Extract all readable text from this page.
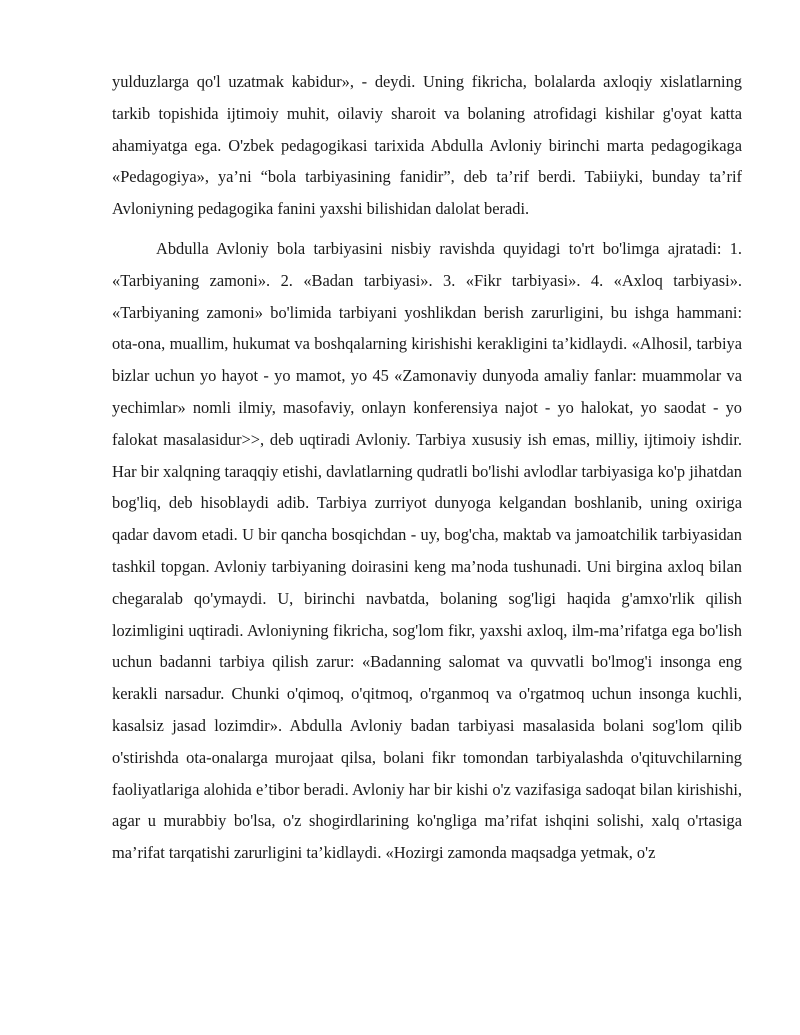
yulduzlarga qo'l uzatmak kabidur», - deydi. Uning fikricha, bolalarda axloqiy xislatlarning tarkib topishida ijtimoiy muhit, oilaviy sharoit va bolaning atrofidagi kishilar g'oyat katta ahamiyatga ega. O'zbek pedagogikasi tarixida Abdulla Avloniy birinchi marta pedagogikaga «Pedagogiya», ya’ni “bola tarbiyasining fanidir”, deb ta’rif berdi. Tabiiyki, bunday ta’rif Avloniyning pedagogika fanini yaxshi bilishidan dalolat beradi.

Abdulla Avloniy bola tarbiyasini nisbiy ravishda quyidagi to'rt bo'limga ajratadi: 1. «Tarbiyaning zamoni». 2. «Badan tarbiyasi». 3. «Fikr tarbiyasi». 4. «Axloq tarbiyasi». «Tarbiyaning zamoni» bo'limida tarbiyani yoshlikdan berish zarurligini, bu ishga hammani: ota-ona, muallim, hukumat va boshqalarning kirishishi kerakligini ta’kidlaydi. «Alhosil, tarbiya bizlar uchun yo hayot - yo mamot, yo 45 «Zamonaviy dunyoda amaliy fanlar: muammolar va yechimlar» nomli ilmiy, masofaviy, onlayn konferensiya najot - yo halokat, yo saodat - yo falokat masalasidur>>, deb uqtiradi Avloniy. Tarbiya xususiy ish emas, milliy, ijtimoiy ishdir. Har bir xalqning taraqqiy etishi, davlatlarning qudratli bo'lishi avlodlar tarbiyasiga ko'p jihatdan bog'liq, deb hisoblaydi adib. Tarbiya zurriyot dunyoga kelgandan boshlanib, uning oxiriga qadar davom etadi. U bir qancha bosqichdan - uy, bog'cha, maktab va jamoatchilik tarbiyasidan tashkil topgan. Avloniy tarbiyaning doirasini keng ma’noda tushunadi. Uni birgina axloq bilan chegaralab qo'ymaydi. U, birinchi navbatda, bolaning sog'ligi haqida g'amxo'rlik qilish lozimligini uqtiradi. Avloniyning fikricha, sog'lom fikr, yaxshi axloq, ilm-ma’rifatga ega bo'lish uchun badanni tarbiya qilish zarur: «Badanning salomat va quvvatli bo'lmog'i insonga eng kerakli narsadur. Chunki o'qimoq, o'qitmoq, o'rganmoq va o'rgatmoq uchun insonga kuchli, kasalsiz jasad lozimdir». Abdulla Avloniy badan tarbiyasi masalasida bolani sog'lom qilib o'stirishda ota-onalarga murojaat qilsa, bolani fikr tomondan tarbiyalashda o'qituvchilarning faoliyatlariga alohida e’tibor beradi. Avloniy har bir kishi o'z vazifasiga sadoqat bilan kirishishi, agar u murabbiy bo'lsa, o'z shogirdlarining ko'ngliga ma’rifat ishqini solishi, xalq o'rtasiga ma’rifat tarqatishi zarurligini ta’kidlaydi. «Hozirgi zamonda maqsadga yetmak, o'z
